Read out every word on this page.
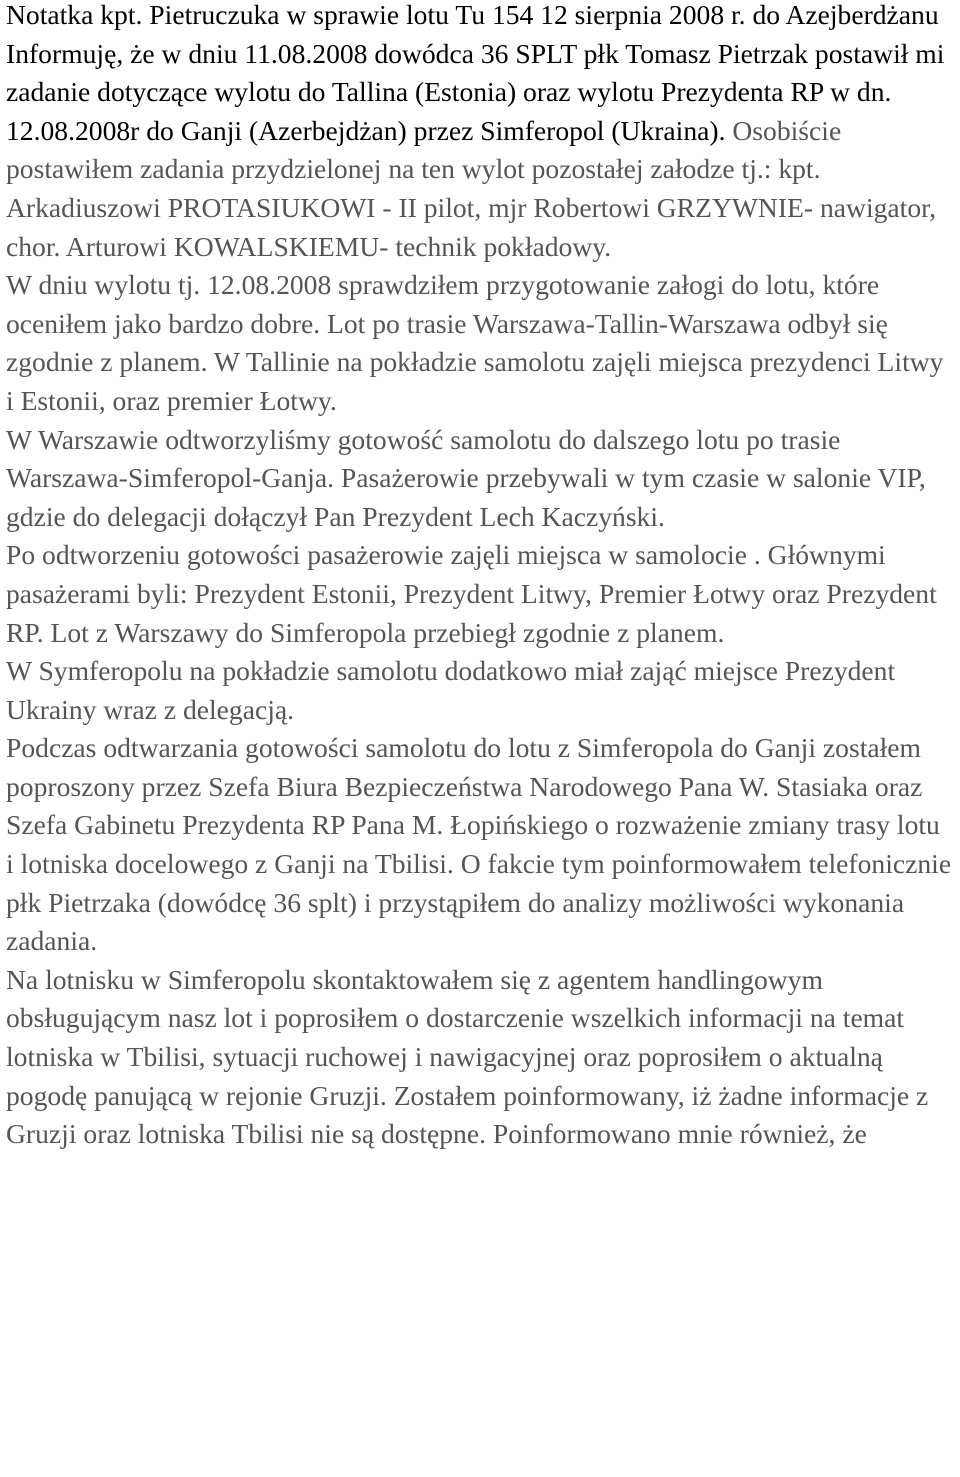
Notatka kpt. Pietruczuka w sprawie lotu Tu 154 12 sierpnia 2008 r. do Azejberdżanu

Informuję, że w dniu 11.08.2008 dowódca 36 SPLT płk Tomasz Pietrzak postawił mi zadanie dotyczące wylotu do Tallina (Estonia) oraz wylotu Prezydenta RP w dn. 12.08.2008r do Ganji (Azerbejdżan) przez Simferopol (Ukraina). Osobiście postawiłem zadania przydzielonej na ten wylot pozostałej załodze tj.: kpt. Arkadiuszowi PROTASIUKOWI - II pilot, mjr Robertowi GRZYWNIE- nawigator, chor. Arturowi KOWALSKIEMU- technik pokładowy.

W dniu wylotu tj. 12.08.2008 sprawdziłem przygotowanie załogi do lotu, które oceniłem jako bardzo dobre. Lot po trasie Warszawa-Tallin-Warszawa odbył się zgodnie z planem. W Tallinie na pokładzie samolotu zajęli miejsca prezydenci Litwy i Estonii, oraz premier Łotwy.

W Warszawie odtworzyliśmy gotowość samolotu do dalszego lotu po trasie Warszawa-Simferopol-Ganja. Pasażerowie przebywali w tym czasie w salonie VIP, gdzie do delegacji dołączył Pan Prezydent Lech Kaczyński.

Po odtworzeniu gotowości pasażerowie zajęli miejsca w samolocie . Głównymi pasażerami byli: Prezydent Estonii, Prezydent Litwy, Premier Łotwy oraz Prezydent RP. Lot z Warszawy do Simferopola przebiegł zgodnie z planem.

W Symferopolu na pokładzie samolotu dodatkowo miał zająć miejsce Prezydent Ukrainy wraz z delegacją.

Podczas odtwarzania gotowości samolotu do lotu z Simferopola do Ganji zostałem poproszony przez Szefa Biura Bezpieczeństwa Narodowego Pana W. Stasiaka oraz Szefa Gabinetu Prezydenta RP Pana M. Łopińskiego o rozważenie zmiany trasy lotu i lotniska docelowego z Ganji na Tbilisi. O fakcie tym poinformowałem telefonicznie płk Pietrzaka (dowódcę 36 splt) i przystąpiłem do analizy możliwości wykonania zadania.

Na lotnisku w Simferopolu skontaktowałem się z agentem handlingowym obsługującym nasz lot i poprosiłem o dostarczenie wszelkich informacji na temat lotniska w Tbilisi, sytuacji ruchowej i nawigacyjnej oraz poprosiłem o aktualną pogodę panującą w rejonie Gruzji. Zostałem poinformowany, iż żadne informacje z Gruzji oraz lotniska Tbilisi nie są dostępne. Poinformowano mnie również, że
